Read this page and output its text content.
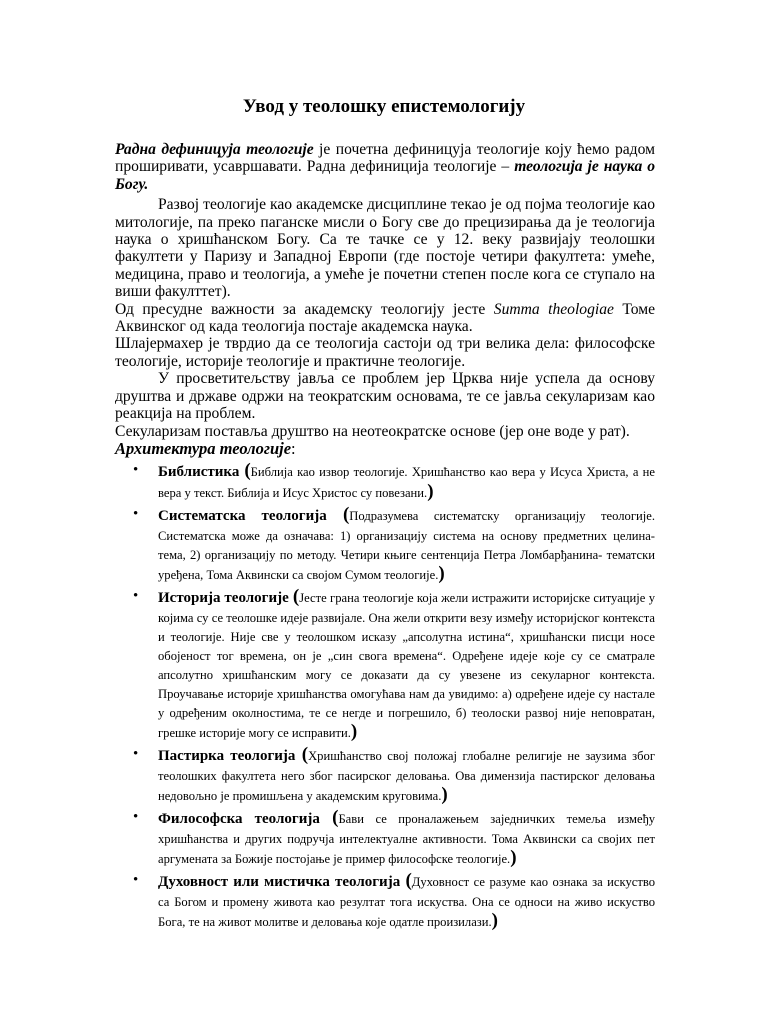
Увод у теолошку епистемологију

Радна дефиницуја теологије је почетна дефиницуја теологије коју ћемо радом проширивати, усавршавати. Радна дефиниција теологије – теологија је наука о Богу.

Развој теологије као академске дисциплине текао је од појма теологије као митологије, па преко паганске мисли о Богу све до прецизирања да је теологија наука о хришћанском Богу. Са те тачке се у 12. веку развијају теолошки факултети у Паризу и Западној Европи (где постоје четири факултета: умеће, медицина, право и теологија, а умеће је почетни степен после кога се ступало на виши факулттет).

Од пресудне важности за академску теологију јесте Summa theologiae Томе Аквинског од када теологија постаје академска наука.

Шлајермахер је тврдио да се теологија састоји од три велика дела: философске теологије, историје теологије и практичне теологије.

У просветитељству јавља се проблем јер Црква није успела да основу друштва и државе одржи на теократским основама, те се јавља секуларизам као реакција на проблем.

Секуларизам поставља друштво на неотеократске основе (јер оне воде у рат).

Архитектура теологије:
• Библистика (Библија као извор теологије. Хришћанство као вера у Исуса Христа, а не вера у текст. Библија и Исус Христос су повезани.)
• Систематска теологија (Подразумева систематску организацију теологије. Систематска може да означава: 1) организацију система на основу предметних целина- тема, 2) организацију по методу. Четири књиге сентенција Петра Ломбарђанина- тематски уређена, Тома Аквински са својом Сумом теологије.)
• Историја теологије (Јесте грана теологије која жели истражити историјске ситуације у којима су се теолошке идеје развијале. Она жели открити везу између историјског контекста и теологије. Није све у теолошком исказу „апсолутна истина“, хришћански писци носе обојеност тог времена, он је „син свога времена“. Одређене идеје које су се сматрале апсолутно хришћанским могу се доказати да су увезене из секуларног контекста. Проучавање историје хришћанства омогућава нам да увидимо: а) одређене идеје су настале у одређеним околностима, те се негде и погрешило, б) теолоски развој није неповратан, грешке историје могу се исправити.)
• Пастирка теологија (Хришћанство свој положај глобалне религије не заузима због теолошких факултета него због пасирског деловања. Ова димензија пастирског деловања недовољно је промишљена у академским круговима.)
• Философска теологија (Бави се проналажењем заједничких темеља између хришћанства и других подручја интелектуалне активности. Тома Аквински са својих пет аргумената за Божије постојање је пример философске теологије.)
• Духовност или мистичка теологија (Духовност се разуме као ознака за искуство са Богом и промену живота као резултат тога искуства. Она се односи на живо искуство Бога, те на живот молитве и деловања које одатле произилази.)
